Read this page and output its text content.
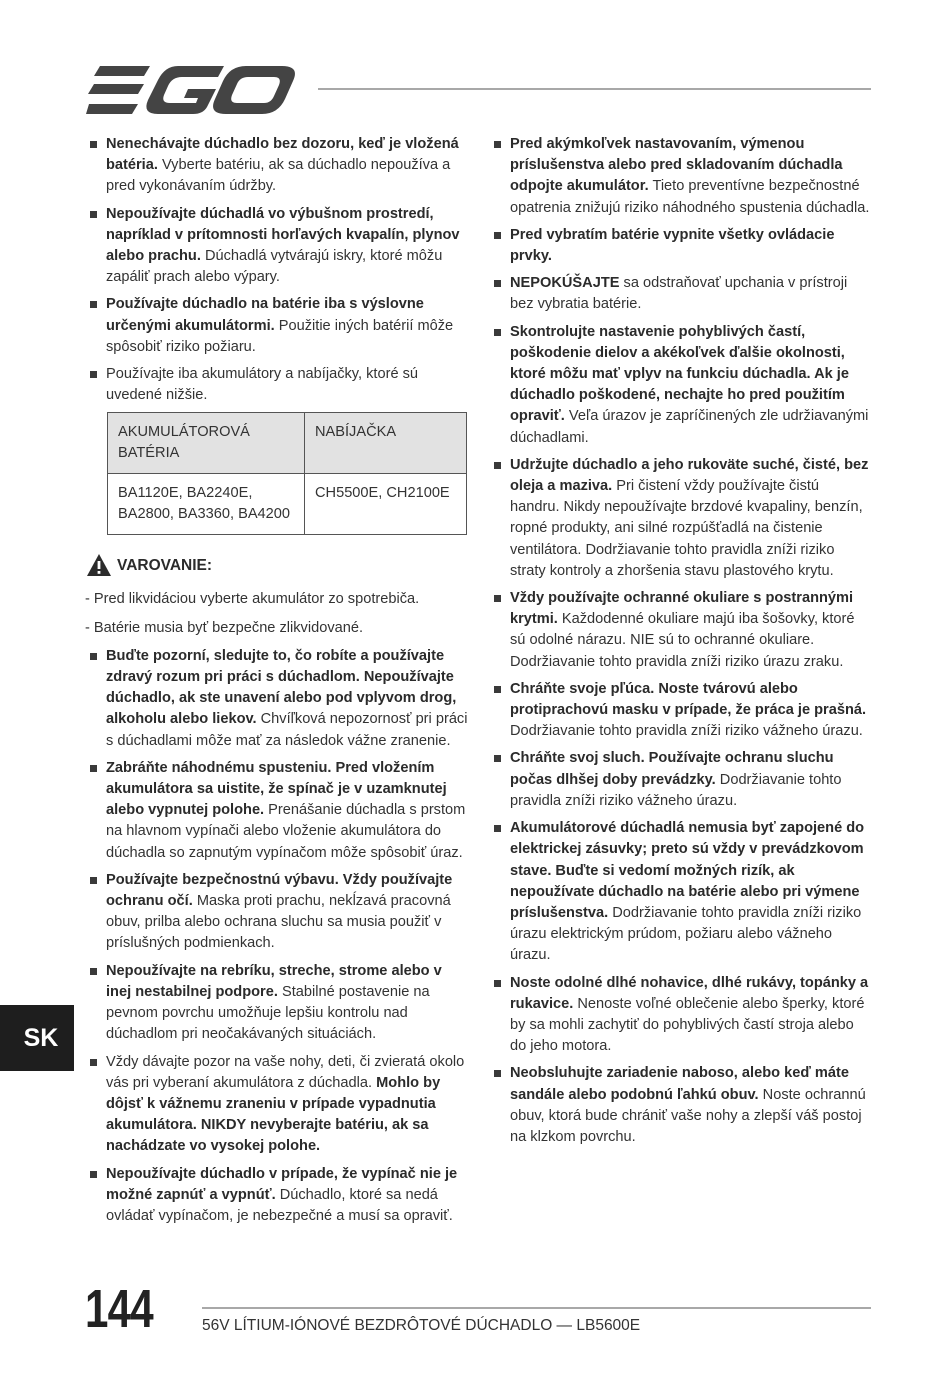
Nenechávajte dúchadlo bez dozoru, keď je vložená batéria. Vyberte batériu, ak sa dúchadlo nepoužíva a pred vykonávaním údržby.
Nepoužívajte dúchadlá vo výbušnom prostredí, napríklad v prítomnosti horľavých kvapalín, plynov alebo prachu. Dúchadlá vytvárajú iskry, ktoré môžu zapáliť prach alebo výpary.
Používajte dúchadlo na batérie iba s výslovne určenými akumulátormi. Použitie iných batérií môže spôsobiť riziko požiaru.
Používajte iba akumulátory a nabíjačky, ktoré sú uvedené nižšie.
AKUMULÁTOROVÁ BATÉRIA	NABÍJAČKA
BA1120E, BA2240E, BA2800, BA3360, BA4200	CH5500E, CH2100E
VAROVANIE:
- Pred likvidáciou vyberte akumulátor zo spotrebiča.
- Batérie musia byť bezpečne zlikvidované.
Buďte pozorní, sledujte to, čo robíte a používajte zdravý rozum pri práci s dúchadlom. Nepoužívajte dúchadlo, ak ste unavení alebo pod vplyvom drog, alkoholu alebo liekov. Chvíľková nepozornosť pri práci s dúchadlami môže mať za následok vážne zranenie.
Zabráňte náhodnému spusteniu. Pred vložením akumulátora sa uistite, že spínač je v uzamknutej alebo vypnutej polohe. Prenášanie dúchadla s prstom na hlavnom vypínači alebo vloženie akumulátora do dúchadla so zapnutým vypínačom môže spôsobiť úraz.
Používajte bezpečnostnú výbavu. Vždy používajte ochranu očí. Maska proti prachu, nekĺzavá pracovná obuv, prilba alebo ochrana sluchu sa musia použiť v príslušných podmienkach.
Nepoužívajte na rebríku, streche, strome alebo v inej nestabilnej podpore. Stabilné postavenie na pevnom povrchu umožňuje lepšiu kontrolu nad dúchadlom pri neočakávaných situáciách.
Vždy dávajte pozor na vaše nohy, deti, či zvieratá okolo vás pri vyberaní akumulátora z dúchadla. Mohlo by dôjsť k vážnemu zraneniu v prípade vypadnutia akumulátora. NIKDY nevyberajte batériu, ak sa nachádzate vo vysokej polohe.
Nepoužívajte dúchadlo v prípade, že vypínač nie je možné zapnúť a vypnúť. Dúchadlo, ktoré sa nedá ovládať vypínačom, je nebezpečné a musí sa opraviť.
Pred akýmkoľvek nastavovaním, výmenou príslušenstva alebo pred skladovaním dúchadla odpojte akumulátor. Tieto preventívne bezpečnostné opatrenia znižujú riziko náhodného spustenia dúchadla.
Pred vybratím batérie vypnite všetky ovládacie prvky.
NEPOKÚŠAJTE sa odstraňovať upchania v prístroji bez vybratia batérie.
Skontrolujte nastavenie pohyblivých častí, poškodenie dielov a akékoľvek ďalšie okolnosti, ktoré môžu mať vplyv na funkciu dúchadla. Ak je dúchadlo poškodené, nechajte ho pred použitím opraviť. Veľa úrazov je zapríčinených zle udržiavanými dúchadlami.
Udržujte dúchadlo a jeho rukoväte suché, čisté, bez oleja a maziva. Pri čistení vždy používajte čistú handru. Nikdy nepoužívajte brzdové kvapaliny, benzín, ropné produkty, ani silné rozpúšťadlá na čistenie ventilátora. Dodržiavanie tohto pravidla zníži riziko straty kontroly a zhoršenia stavu plastového krytu.
Vždy používajte ochranné okuliare s postrannými krytmi. Každodenné okuliare majú iba šošovky, ktoré sú odolné nárazu. NIE sú to ochranné okuliare. Dodržiavanie tohto pravidla zníži riziko úrazu zraku.
Chráňte svoje pľúca. Noste tvárovú alebo protiprachovú masku v prípade, že práca je prašná. Dodržiavanie tohto pravidla zníži riziko vážneho úrazu.
Chráňte svoj sluch. Používajte ochranu sluchu počas dlhšej doby prevádzky. Dodržiavanie tohto pravidla zníži riziko vážneho úrazu.
Akumulátorové dúchadlá nemusia byť zapojené do elektrickej zásuvky; preto sú vždy v prevádzkovom stave. Buďte si vedomí možných rizík, ak nepoužívate dúchadlo na batérie alebo pri výmene príslušenstva. Dodržiavanie tohto pravidla zníži riziko úrazu elektrickým prúdom, požiaru alebo vážneho úrazu.
Noste odolné dlhé nohavice, dlhé rukávy, topánky a rukavice. Nenoste voľné oblečenie alebo šperky, ktoré by sa mohli zachytiť do pohyblivých častí stroja alebo do jeho motora.
Neobsluhujte zariadenie naboso, alebo keď máte sandále alebo podobnú ľahkú obuv. Noste ochrannú obuv, ktorá bude chrániť vaše nohy a zlepší váš postoj na klzkom povrchu.
SK
144	56V LÍTIUM-IÓNOVÉ BEZDRÔTOVÉ DÚCHADLO — LB5600E
